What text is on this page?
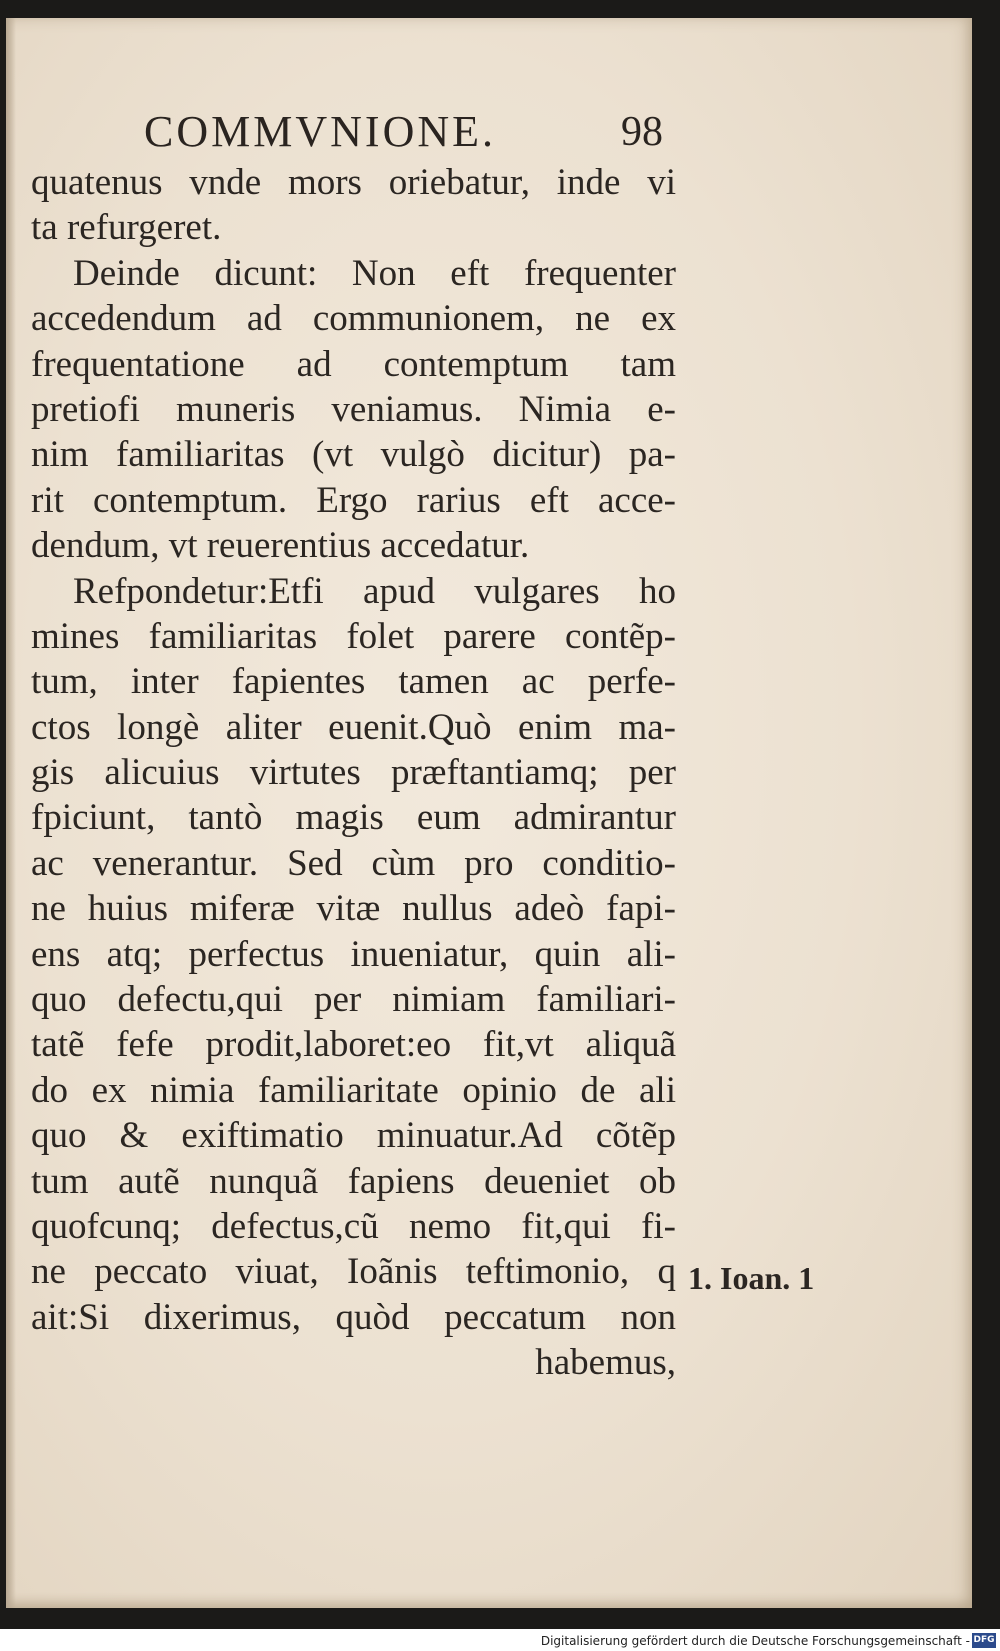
COMMVNIONE.	98
quatenus vnde mors oriebatur, inde vi
ta refurgeret.
Deinde dicunt: Non eft frequenter
accedendum ad communionem, ne ex
frequentatione ad contemptum tam
pretiofi muneris veniamus. Nimia e-
nim familiaritas (vt vulgò dicitur) pa-
rit contemptum. Ergo rarius eft acce-
dendum, vt reuerentius accedatur.
Refpondetur:Etfi apud vulgares ho
mines familiaritas folet parere contẽp-
tum, inter fapientes tamen ac perfe-
ctos longè aliter euenit.Quò enim ma-
gis alicuius virtutes præftantiamq; per
fpiciunt, tantò magis eum admirantur
ac venerantur. Sed cùm pro conditio-
ne huius miferæ vitæ nullus adeò fapi-
ens atq; perfectus inueniatur, quin ali-
quo defectu,qui per nimiam familiari-
tatẽ fefe prodit,laboret:eo fit,vt aliquã
do ex nimia familiaritate opinio de ali
quo & exiftimatio minuatur.Ad cõtẽp
tum autẽ nunquã fapiens deueniet ob
quofcunq; defectus,cũ nemo fit,qui fi-
ne peccato viuat, Ioãnis teftimonio, q
ait:Si dixerimus, quòd peccatum non
habemus,
1. Ioan. 1
Digitalisierung gefördert durch die Deutsche Forschungsgemeinschaft - DFG
